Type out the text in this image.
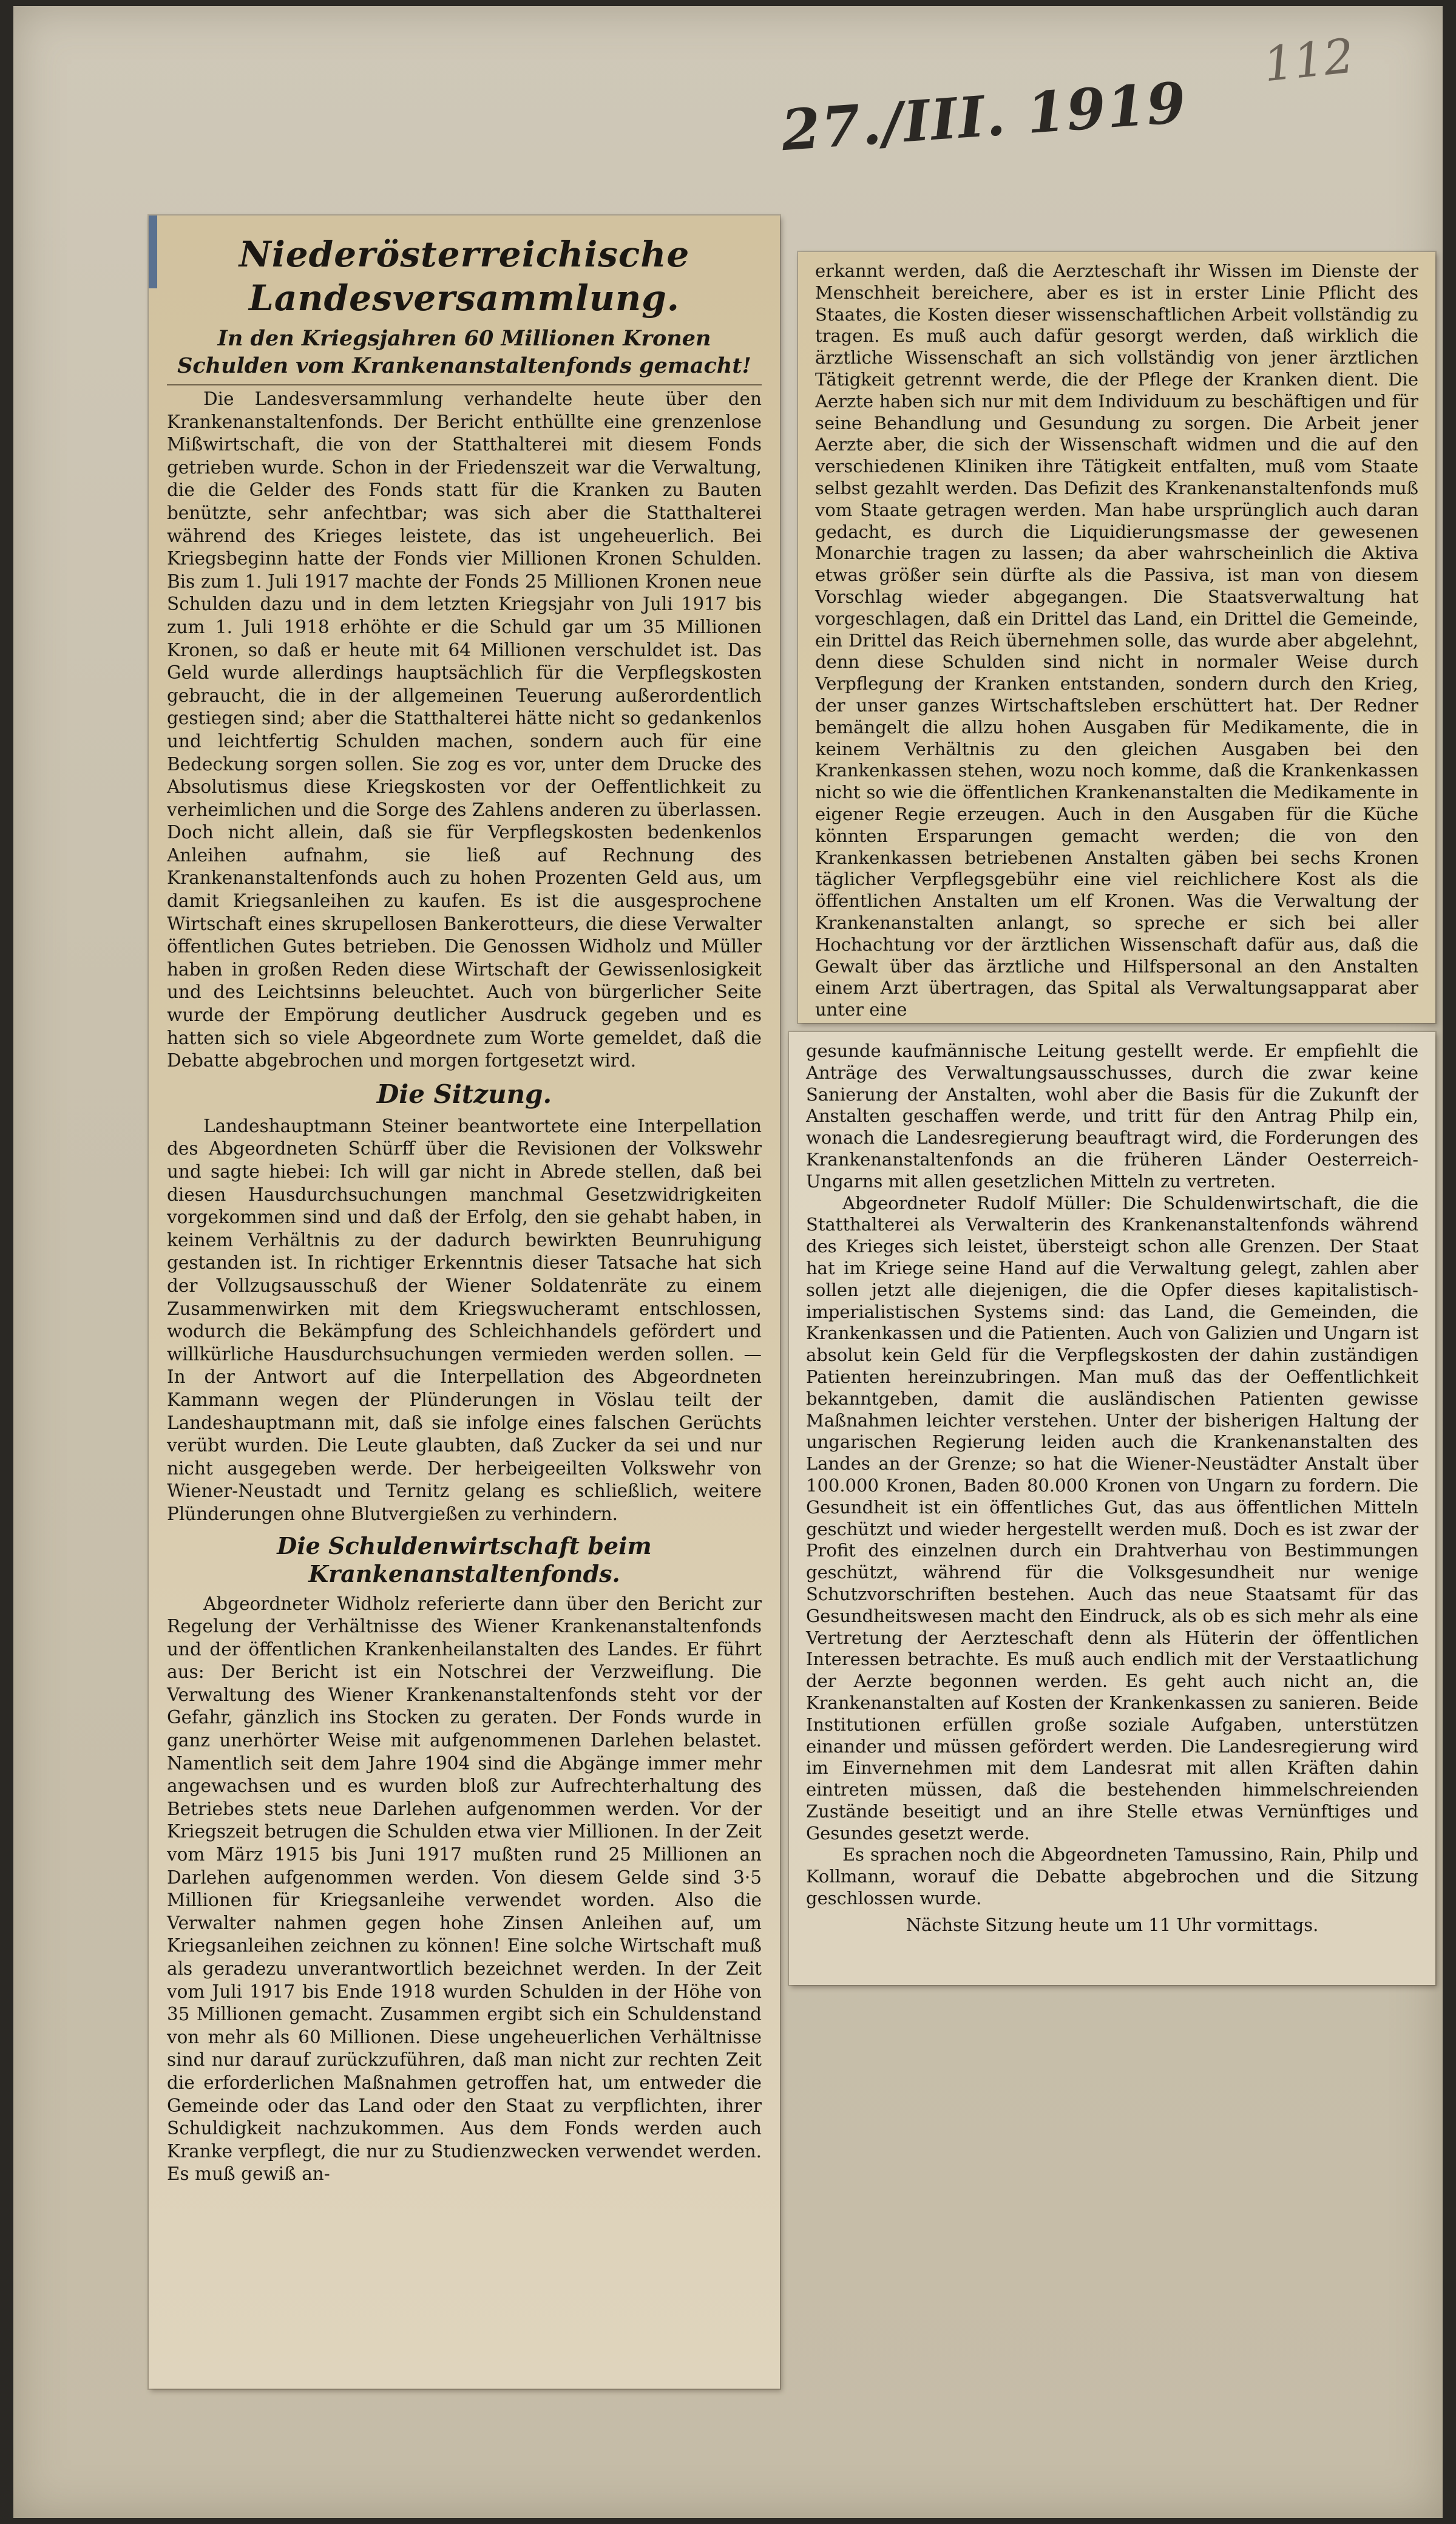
112
27./III. 1919
Niederösterreichische Landesversammlung.
In den Kriegsjahren 60 Millionen Kronen Schulden vom Krankenanstaltenfonds gemacht!

Die Landesversammlung verhandelte heute über den Krankenanstaltenfonds. Der Bericht enthüllte eine grenzenlose Mißwirtschaft, die von der Statthalterei mit diesem Fonds getrieben wurde. Schon in der Friedenszeit war die Verwaltung, die die Gelder des Fonds statt für die Kranken zu Bauten benützte, sehr anfechtbar; was sich aber die Statthalterei während des Krieges leistete, das ist ungeheuerlich. Bei Kriegsbeginn hatte der Fonds vier Millionen Kronen Schulden. Bis zum 1. Juli 1917 machte der Fonds 25 Millionen Kronen neue Schulden dazu und in dem letzten Kriegsjahr von Juli 1917 bis zum 1. Juli 1918 erhöhte er die Schuld gar um 35 Millionen Kronen, so daß er heute mit 64 Millionen verschuldet ist. Das Geld wurde allerdings hauptsächlich für die Verpflegskosten gebraucht, die in der allgemeinen Teuerung außerordentlich gestiegen sind; aber die Statthalterei hätte nicht so gedankenlos und leichtfertig Schulden machen, sondern auch für eine Bedeckung sorgen sollen. Sie zog es vor, unter dem Drucke des Absolutismus diese Kriegskosten vor der Oeffentlichkeit zu verheimlichen und die Sorge des Zahlens anderen zu überlassen. Doch nicht allein, daß sie für Verpflegskosten bedenkenlos Anleihen aufnahm, sie ließ auf Rechnung des Krankenanstaltenfonds auch zu hohen Prozenten Geld aus, um damit Kriegsanleihen zu kaufen. Es ist die ausgesprochene Wirtschaft eines skrupellosen Bankerotteurs, die diese Verwalter öffentlichen Gutes betrieben. Die Genossen Widholz und Müller haben in großen Reden diese Wirtschaft der Gewissenlosigkeit und des Leichtsinns beleuchtet. Auch von bürgerlicher Seite wurde der Empörung deutlicher Ausdruck gegeben und es hatten sich so viele Abgeordnete zum Worte gemeldet, daß die Debatte abgebrochen und morgen fortgesetzt wird.

Die Sitzung.

Landeshauptmann Steiner beantwortete eine Interpellation des Abgeordneten Schürff über die Revisionen der Volkswehr und sagte hiebei: Ich will gar nicht in Abrede stellen, daß bei diesen Hausdurchsuchungen manchmal Gesetzwidrigkeiten vorgekommen sind und daß der Erfolg, den sie gehabt haben, in keinem Verhältnis zu der dadurch bewirkten Beunruhigung gestanden ist. In richtiger Erkenntnis dieser Tatsache hat sich der Vollzugsausschuß der Wiener Soldatenräte zu einem Zusammenwirken mit dem Kriegswucheramt entschlossen, wodurch die Bekämpfung des Schleichhandels gefördert und willkürliche Hausdurchsuchungen vermieden werden sollen. — In der Antwort auf die Interpellation des Abgeordneten Kammann wegen der Plünderungen in Vöslau teilt der Landeshauptmann mit, daß sie infolge eines falschen Gerüchts verübt wurden. Die Leute glaubten, daß Zucker da sei und nur nicht ausgegeben werde. Der herbeigeeilten Volkswehr von Wiener-Neustadt und Ternitz gelang es schließlich, weitere Plünderungen ohne Blutvergießen zu verhindern.

Die Schuldenwirtschaft beim Krankenanstaltenfonds.

Abgeordneter Widholz referierte dann über den Bericht zur Regelung der Verhältnisse des Wiener Krankenanstaltenfonds und der öffentlichen Krankenheilanstalten des Landes. Er führt aus: Der Bericht ist ein Notschrei der Verzweiflung. Die Verwaltung des Wiener Krankenanstaltenfonds steht vor der Gefahr, gänzlich ins Stocken zu geraten. Der Fonds wurde in ganz unerhörter Weise mit aufgenommenen Darlehen belastet. Namentlich seit dem Jahre 1904 sind die Abgänge immer mehr angewachsen und es wurden bloß zur Aufrechterhaltung des Betriebes stets neue Darlehen aufgenommen werden. Vor der Kriegszeit betrugen die Schulden etwa vier Millionen. In der Zeit vom März 1915 bis Juni 1917 mußten rund 25 Millionen an Darlehen aufgenommen werden. Von diesem Gelde sind 3·5 Millionen für Kriegsanleihe verwendet worden. Also die Verwalter nahmen gegen hohe Zinsen Anleihen auf, um Kriegsanleihen zeichnen zu können! Eine solche Wirtschaft muß als geradezu unverantwortlich bezeichnet werden. In der Zeit vom Juli 1917 bis Ende 1918 wurden Schulden in der Höhe von 35 Millionen gemacht. Zusammen ergibt sich ein Schuldenstand von mehr als 60 Millionen. Diese ungeheuerlichen Verhältnisse sind nur darauf zurückzuführen, daß man nicht zur rechten Zeit die erforderlichen Maßnahmen getroffen hat, um entweder die Gemeinde oder das Land oder den Staat zu verpflichten, ihrer Schuldigkeit nachzukommen. Aus dem Fonds werden auch Kranke verpflegt, die nur zu Studienzwecken verwendet werden. Es muß gewiß an-

erkannt werden, daß die Aerzteschaft ihr Wissen im Dienste der Menschheit bereichere, aber es ist in erster Linie Pflicht des Staates, die Kosten dieser wissenschaftlichen Arbeit vollständig zu tragen. Es muß auch dafür gesorgt werden, daß wirklich die ärztliche Wissenschaft an sich vollständig von jener ärztlichen Tätigkeit getrennt werde, die der Pflege der Kranken dient. Die Aerzte haben sich nur mit dem Individuum zu beschäftigen und für seine Behandlung und Gesundung zu sorgen. Die Arbeit jener Aerzte aber, die sich der Wissenschaft widmen und die auf den verschiedenen Kliniken ihre Tätigkeit entfalten, muß vom Staate selbst gezahlt werden. Das Defizit des Krankenanstaltenfonds muß vom Staate getragen werden. Man habe ursprünglich auch daran gedacht, es durch die Liquidierungsmasse der gewesenen Monarchie tragen zu lassen; da aber wahrscheinlich die Aktiva etwas größer sein dürfte als die Passiva, ist man von diesem Vorschlag wieder abgegangen. Die Staatsverwaltung hat vorgeschlagen, daß ein Drittel das Land, ein Drittel die Gemeinde, ein Drittel das Reich übernehmen solle, das wurde aber abgelehnt, denn diese Schulden sind nicht in normaler Weise durch Verpflegung der Kranken entstanden, sondern durch den Krieg, der unser ganzes Wirtschaftsleben erschüttert hat. Der Redner bemängelt die allzu hohen Ausgaben für Medikamente, die in keinem Verhältnis zu den gleichen Ausgaben bei den Krankenkassen stehen, wozu noch komme, daß die Krankenkassen nicht so wie die öffentlichen Krankenanstalten die Medikamente in eigener Regie erzeugen. Auch in den Ausgaben für die Küche könnten Ersparungen gemacht werden; die von den Krankenkassen betriebenen Anstalten gäben bei sechs Kronen täglicher Verpflegsgebühr eine viel reichlichere Kost als die öffentlichen Anstalten um elf Kronen. Was die Verwaltung der Krankenanstalten anlangt, so spreche er sich bei aller Hochachtung vor der ärztlichen Wissenschaft dafür aus, daß die Gewalt über das ärztliche und Hilfspersonal an den Anstalten einem Arzt übertragen, das Spital als Verwaltungsapparat aber unter eine

gesunde kaufmännische Leitung gestellt werde. Er empfiehlt die Anträge des Verwaltungsausschusses, durch die zwar keine Sanierung der Anstalten, wohl aber die Basis für die Zukunft der Anstalten geschaffen werde, und tritt für den Antrag Philp ein, wonach die Landesregierung beauftragt wird, die Forderungen des Krankenanstaltenfonds an die früheren Länder Oesterreich-Ungarns mit allen gesetzlichen Mitteln zu vertreten.

Abgeordneter Rudolf Müller: Die Schuldenwirtschaft, die die Statthalterei als Verwalterin des Krankenanstaltenfonds während des Krieges sich leistet, übersteigt schon alle Grenzen. Der Staat hat im Kriege seine Hand auf die Verwaltung gelegt, zahlen aber sollen jetzt alle diejenigen, die die Opfer dieses kapitalistisch-imperialistischen Systems sind: das Land, die Gemeinden, die Krankenkassen und die Patienten. Auch von Galizien und Ungarn ist absolut kein Geld für die Verpflegskosten der dahin zuständigen Patienten hereinzubringen. Man muß das der Oeffentlichkeit bekanntgeben, damit die ausländischen Patienten gewisse Maßnahmen leichter verstehen. Unter der bisherigen Haltung der ungarischen Regierung leiden auch die Krankenanstalten des Landes an der Grenze; so hat die Wiener-Neustädter Anstalt über 100.000 Kronen, Baden 80.000 Kronen von Ungarn zu fordern. Die Gesundheit ist ein öffentliches Gut, das aus öffentlichen Mitteln geschützt und wieder hergestellt werden muß. Doch es ist zwar der Profit des einzelnen durch ein Drahtverhau von Bestimmungen geschützt, während für die Volksgesundheit nur wenige Schutzvorschriften bestehen. Auch das neue Staatsamt für das Gesundheitswesen macht den Eindruck, als ob es sich mehr als eine Vertretung der Aerzteschaft denn als Hüterin der öffentlichen Interessen betrachte. Es muß auch endlich mit der Verstaatlichung der Aerzte begonnen werden. Es geht auch nicht an, die Krankenanstalten auf Kosten der Krankenkassen zu sanieren. Beide Institutionen erfüllen große soziale Aufgaben, unterstützen einander und müssen gefördert werden. Die Landesregierung wird im Einvernehmen mit dem Landesrat mit allen Kräften dahin eintreten müssen, daß die bestehenden himmelschreienden Zustände beseitigt und an ihre Stelle etwas Vernünftiges und Gesundes gesetzt werde.

Es sprachen noch die Abgeordneten Tamussino, Rain, Philp und Kollmann, worauf die Debatte abgebrochen und die Sitzung geschlossen wurde.

Nächste Sitzung heute um 11 Uhr vormittags.
